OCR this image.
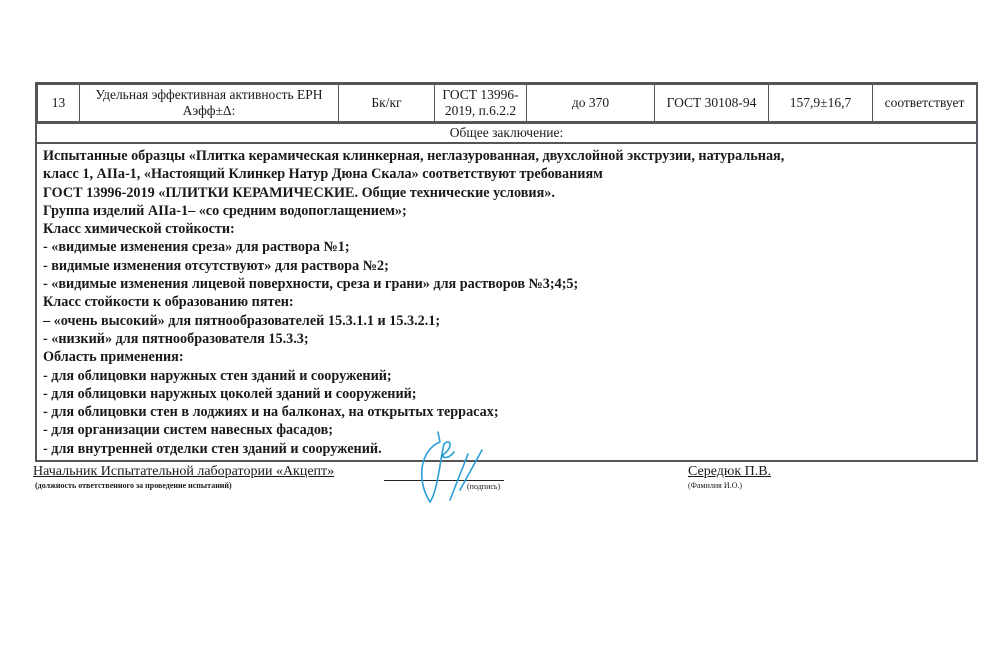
13	Удельная эффективная активность ЕРН Аэфф±Δ:	Бк/кг	ГОСТ 13996-2019, п.6.2.2	до 370	ГОСТ 30108-94	157,9±16,7	соответствует
Общее заключение:
Испытанные образцы «Плитка керамическая клинкерная, неглазурованная, двухслойной экструзии, натуральная,
класс 1, AIIa-1, «Настоящий Клинкер Натур Дюна Скала» соответствуют требованиям
ГОСТ 13996-2019 «ПЛИТКИ КЕРАМИЧЕСКИЕ. Общие технические условия».
Группа изделий AIIa-1– «со средним водопоглащением»;
Класс химической стойкости:
- «видимые изменения среза» для раствора №1;
- видимые изменения отсутствуют» для раствора №2;
- «видимые изменения лицевой поверхности, среза и грани» для растворов №3;4;5;
Класс стойкости к образованию пятен:
– «очень высокий» для пятнообразователей 15.3.1.1 и 15.3.2.1;
- «низкий» для пятнообразователя 15.3.3;
Область применения:
- для облицовки наружных стен зданий и сооружений;
- для облицовки наружных цоколей зданий и сооружений;
- для облицовки стен в лоджиях и на балконах, на открытых террасах;
- для организации систем навесных фасадов;
- для внутренней отделки стен зданий и сооружений.
Начальник Испытательной лаборатории «Акцепт»
(должность ответственного за проведение испытаний)	(подпись)
Середюк П.В.
(Фамилия И.О.)
